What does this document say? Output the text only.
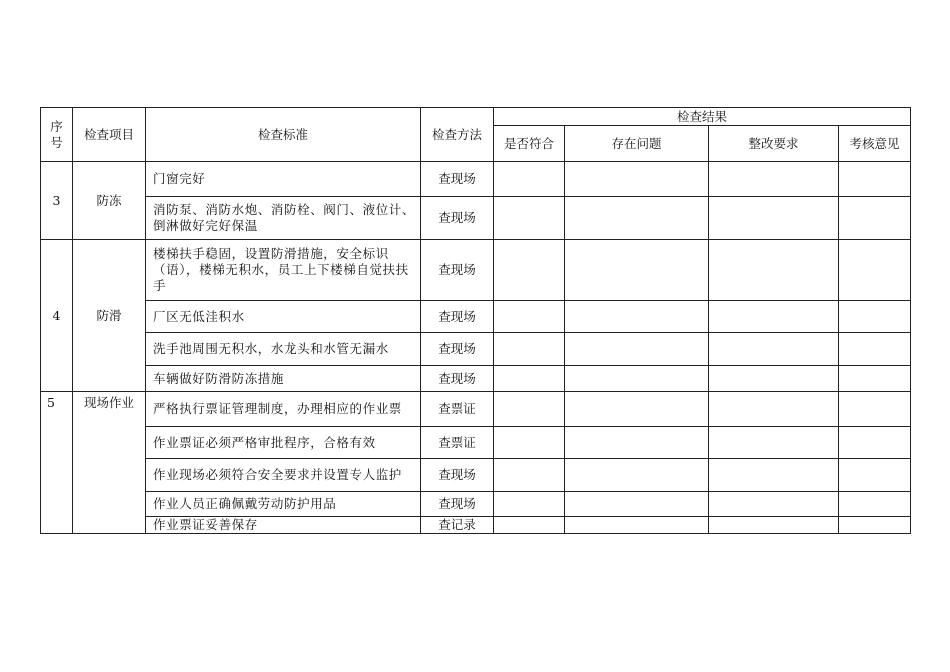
序
号	检查项目	检查标准	检查方法	检查结果			
				是否符合	存在问题	整改要求	考核意见
3	防冻	门窗完好	查现场				
		消防泵、消防水炮、消防栓、阀门、液位计、倒淋做好完好保温	查现场				
4	防滑	楼梯扶手稳固，设置防滑措施，安全标识（语），楼梯无积水，员工上下楼梯自觉扶扶手	查现场				
		厂区无低洼积水	查现场				
		洗手池周围无积水，水龙头和水管无漏水	查现场				
		车辆做好防滑防冻措施	查现场				
5	现场作业	严格执行票证管理制度，办理相应的作业票	查票证				
		作业票证必须严格审批程序，合格有效	查票证				
		作业现场必须符合安全要求并设置专人监护	查现场				
		作业人员正确佩戴劳动防护用品	查现场				
		作业票证妥善保存	查记录				
